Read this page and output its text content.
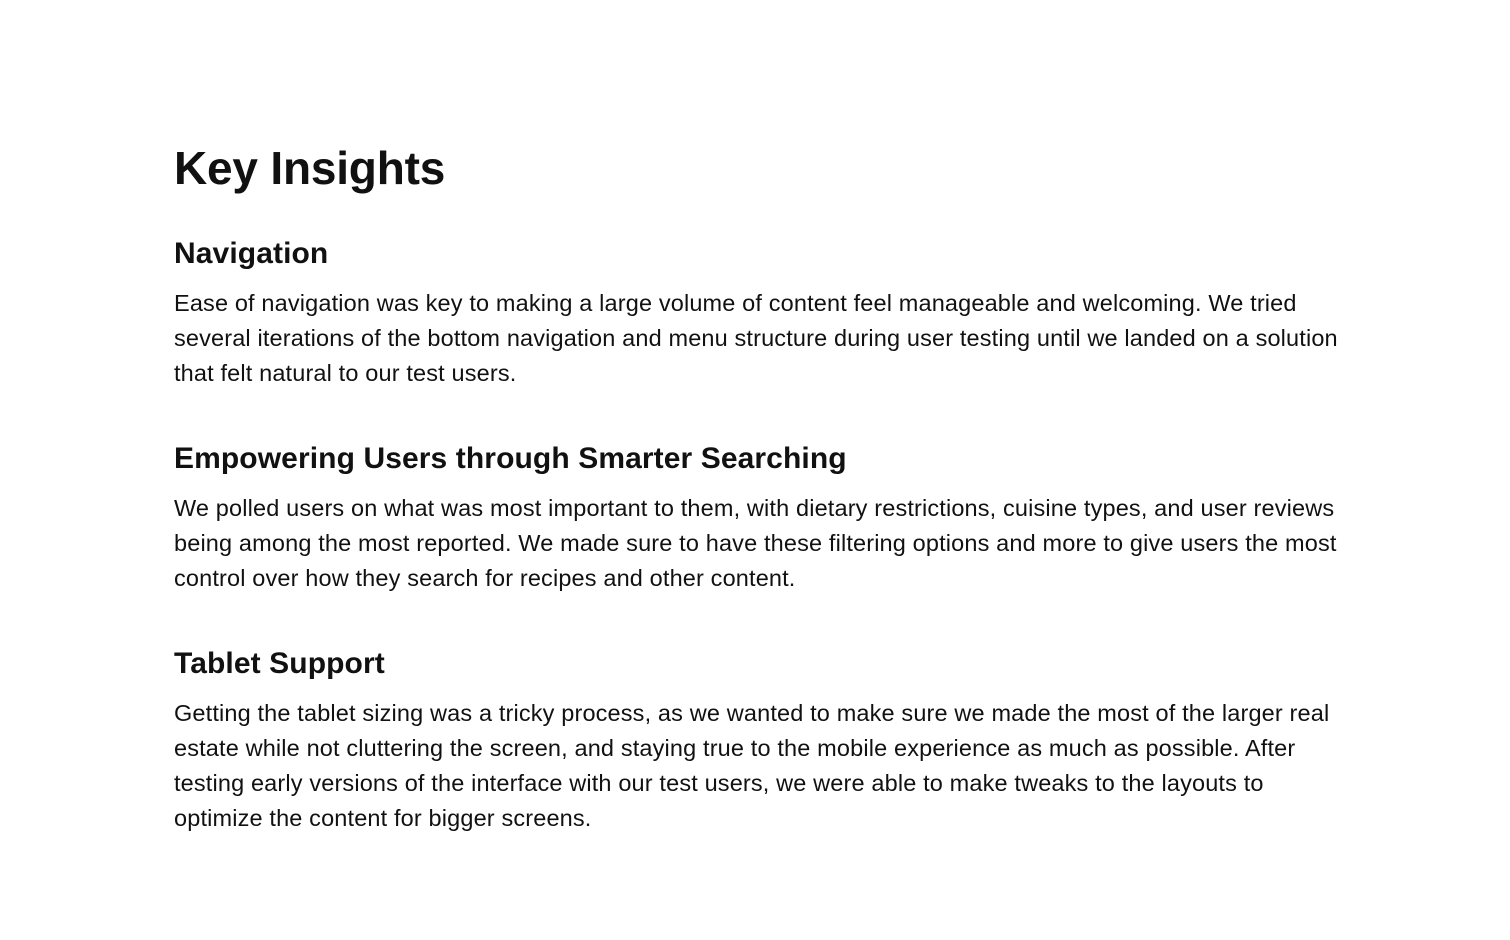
Key Insights
Navigation

Ease of navigation was key to making a large volume of content feel manageable and welcoming. We tried several iterations of the bottom navigation and menu structure during user testing until we landed on a solution that felt natural to our test users.

Empowering Users through Smarter Searching

We polled users on what was most important to them, with dietary restrictions, cuisine types, and user reviews being among the most reported. We made sure to have these filtering options and more to give users the most control over how they search for recipes and other content.

Tablet Support

Getting the tablet sizing was a tricky process, as we wanted to make sure we made the most of the larger real estate while not cluttering the screen, and staying true to the mobile experience as much as possible. After testing early versions of the interface with our test users, we were able to make tweaks to the layouts to optimize the content for bigger screens.
